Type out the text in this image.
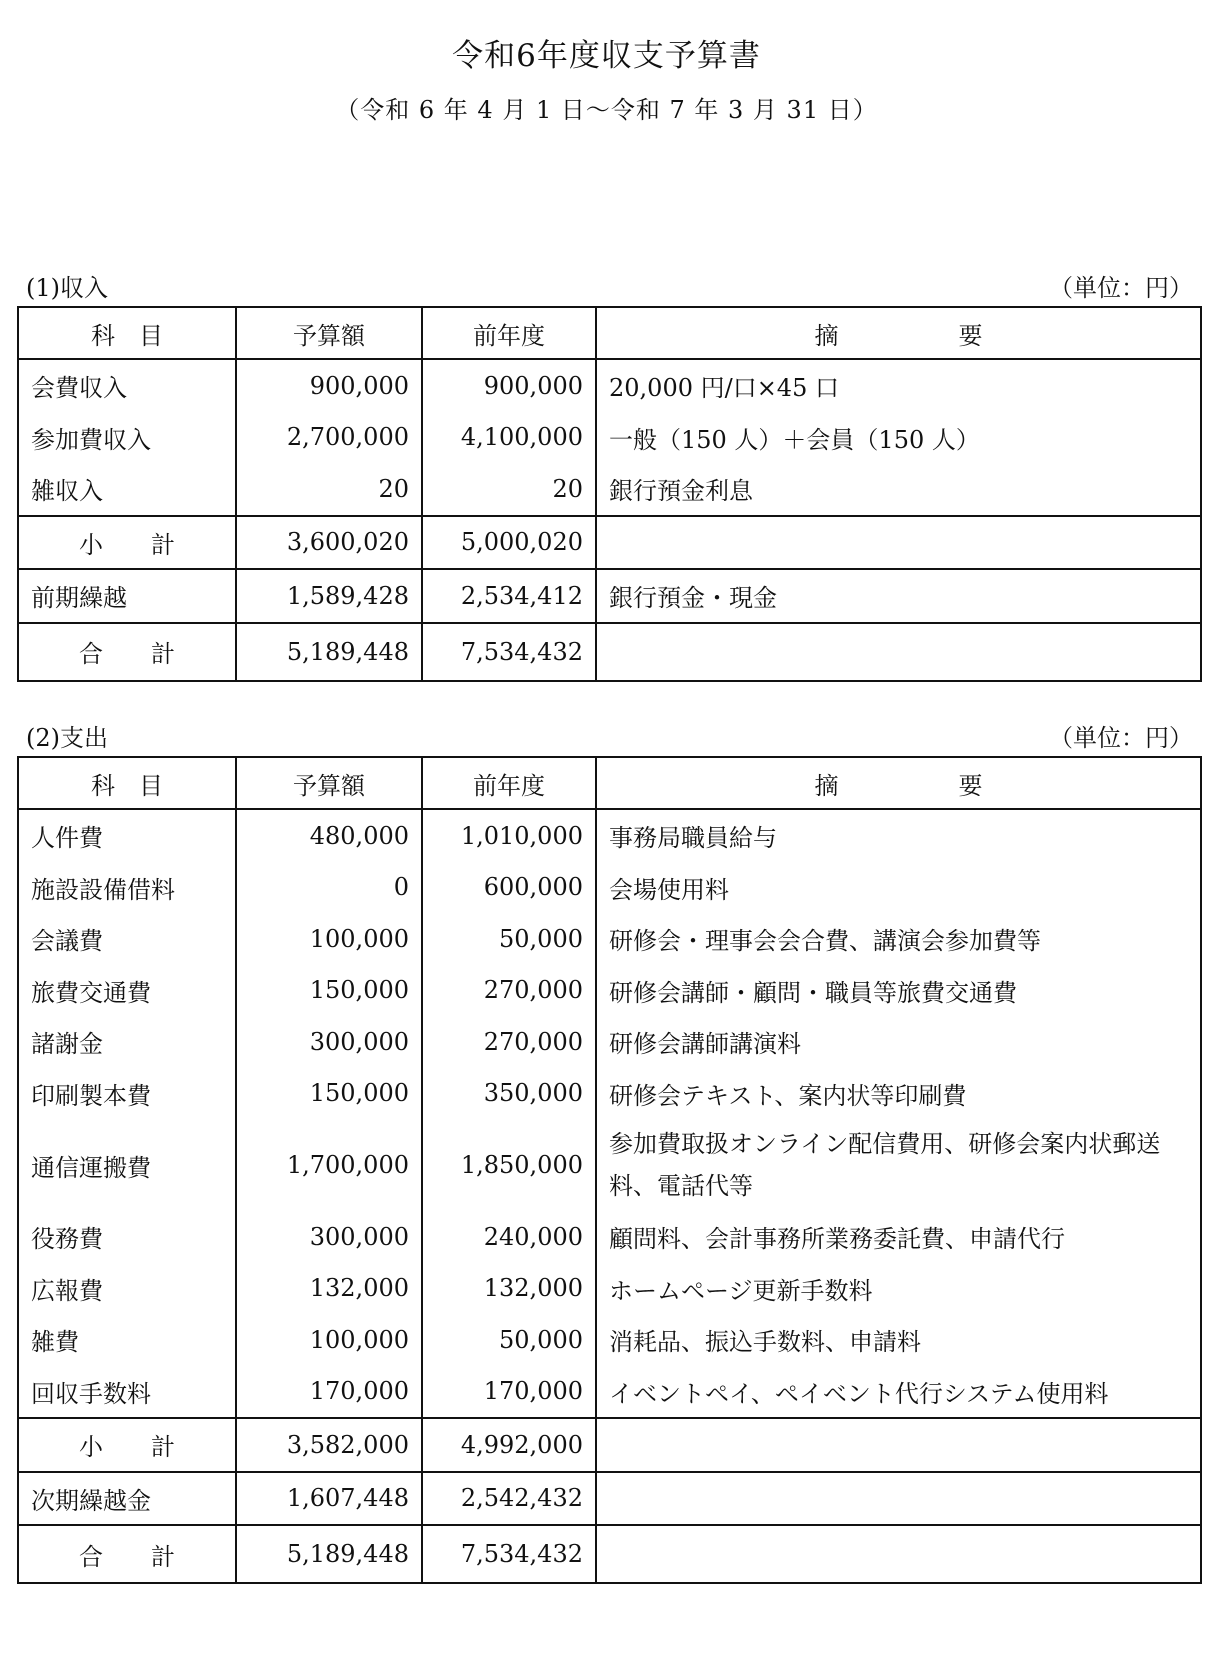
令和6年度収支予算書
（令和 6 年 4 月 1 日～令和 7 年 3 月 31 日）
(1)収入	（単位：円）
科　目	予算額	前年度	摘　　　　　要
会費収入	900,000	900,000	20,000 円/口×45 口
参加費収入	2,700,000	4,100,000	一般（150 人）＋会員（150 人）
雑収入	20	20	銀行預金利息
小　　計	3,600,020	5,000,020	
前期繰越	1,589,428	2,534,412	銀行預金・現金
合　　計	5,189,448	7,534,432	
(2)支出	（単位：円）
科　目	予算額	前年度	摘　　　　　要
人件費	480,000	1,010,000	事務局職員給与
施設設備借料	0	600,000	会場使用料
会議費	100,000	50,000	研修会・理事会会合費、講演会参加費等
旅費交通費	150,000	270,000	研修会講師・顧問・職員等旅費交通費
諸謝金	300,000	270,000	研修会講師講演料
印刷製本費	150,000	350,000	研修会テキスト、案内状等印刷費
通信運搬費	1,700,000	1,850,000	参加費取扱オンライン配信費用、研修会案内状郵送料、電話代等
役務費	300,000	240,000	顧問料、会計事務所業務委託費、申請代行
広報費	132,000	132,000	ホームページ更新手数料
雑費	100,000	50,000	消耗品、振込手数料、申請料
回収手数料	170,000	170,000	イベントペイ、ペイベント代行システム使用料
小　　計	3,582,000	4,992,000	
次期繰越金	1,607,448	2,542,432	
合　　計	5,189,448	7,534,432	
